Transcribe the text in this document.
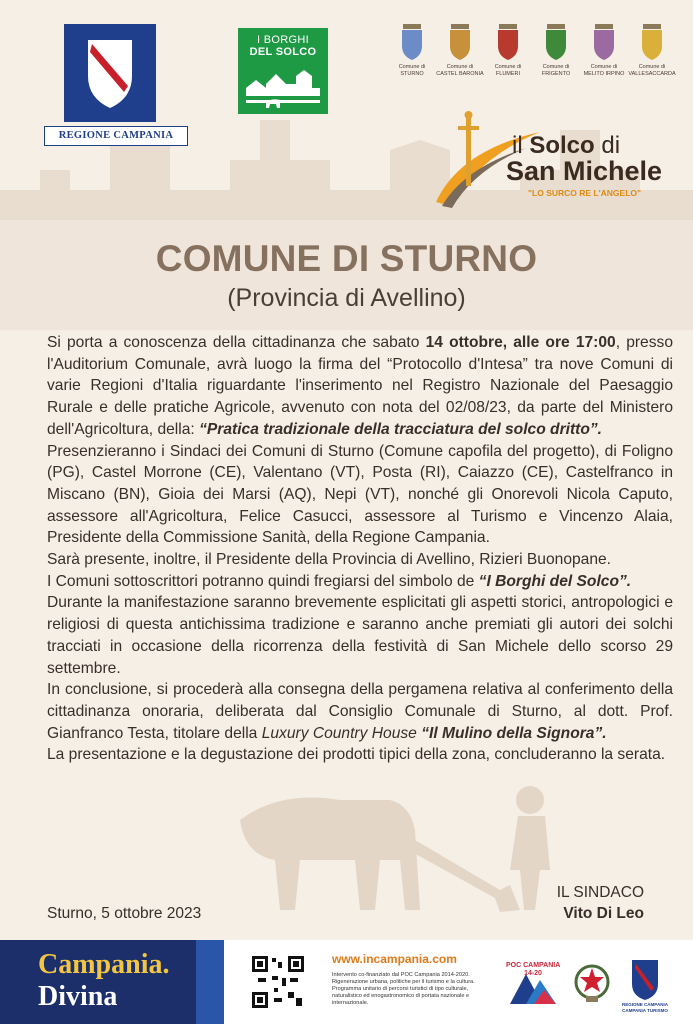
REGIONE CAMPANIA
I BORGHI
DEL SOLCO
Comune di
STURNO
Comune di
CASTEL BARONIA
Comune di
FLUMERI
Comune di
FRIGENTO
Comune di
MELITO IRPINO
Comune di
VALLESACCARDA
il Solco di
San Michele
"LO SURCO RE L'ANGELO"
COMUNE DI STURNO
(Provincia di Avellino)

Si porta a conoscenza della cittadinanza che sabato 14 ottobre, alle ore 17:00, presso l'Auditorium Comunale, avrà luogo la firma del “Protocollo d'Intesa” tra nove Comuni di varie Regioni d'Italia riguardante l'inserimento nel Registro Nazionale del Paesaggio Rurale e delle pratiche Agricole, avvenuto con nota del 02/08/23, da parte del Ministero dell'Agricoltura, della: “Pratica tradizionale della tracciatura del solco dritto”.

Presenzieranno i Sindaci dei Comuni di Sturno (Comune capofila del progetto), di Foligno (PG), Castel Morrone (CE), Valentano (VT), Posta (RI), Caiazzo (CE), Castelfranco in Miscano (BN), Gioia dei Marsi (AQ), Nepi (VT), nonché gli Onorevoli Nicola Caputo, assessore all'Agricoltura, Felice Casucci, assessore al Turismo e Vincenzo Alaia, Presidente della Commissione Sanità, della Regione Campania.

Sarà presente, inoltre, il Presidente della Provincia di Avellino, Rizieri Buonopane.

I Comuni sottoscrittori potranno quindi fregiarsi del simbolo de “I Borghi del Solco”.

Durante la manifestazione saranno brevemente esplicitati gli aspetti storici, antropologici e religiosi di questa antichissima tradizione e saranno anche premiati gli autori dei solchi tracciati in occasione della ricorrenza della festività di San Michele dello scorso 29 settembre.

In conclusione, si procederà alla consegna della pergamena relativa al conferimento della cittadinanza onoraria, deliberata dal Consiglio Comunale di Sturno, al dott. Prof. Gianfranco Testa, titolare della Luxury Country House “Il Mulino della Signora”.

La presentazione e la degustazione dei prodotti tipici della zona, concluderanno la serata.

IL SINDACO
Vito Di Leo
Sturno, 5 ottobre 2023
Campania.
Divina
www.incampania.com
Intervento co-finanziato dal POC Campania 2014-2020. Rigenerazione urbana, politiche per il turismo e la cultura. Programma unitario di percorsi turistici di tipo culturale, naturalistico ed enogastronomico di portata nazionale e internazionale.
POC CAMPANIA 14-20
REGIONE CAMPANIA
CAMPANIA TURISMO
